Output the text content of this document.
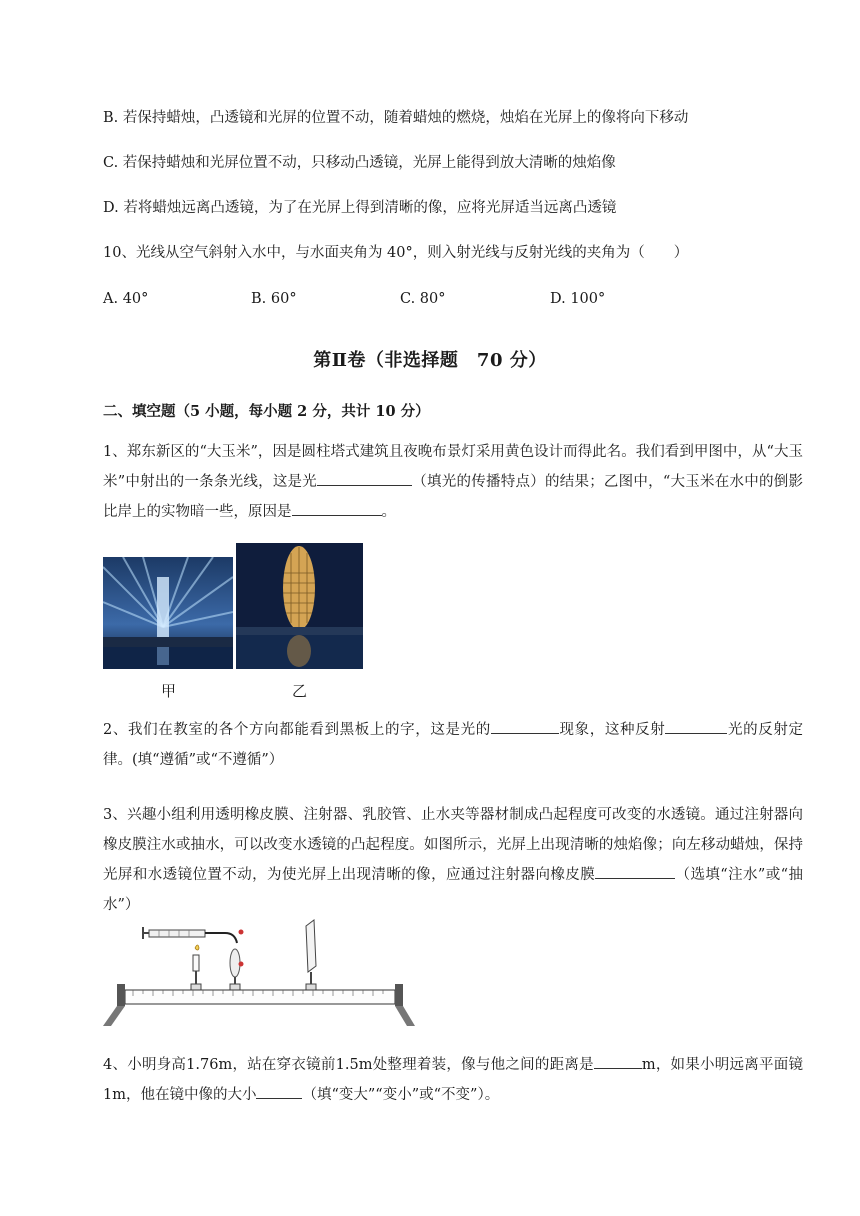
B. 若保持蜡烛，凸透镜和光屏的位置不动，随着蜡烛的燃烧，烛焰在光屏上的像将向下移动
C. 若保持蜡烛和光屏位置不动，只移动凸透镜，光屏上能得到放大清晰的烛焰像
D. 若将蜡烛远离凸透镜，为了在光屏上得到清晰的像，应将光屏适当远离凸透镜
10、光线从空气斜射入水中，与水面夹角为 40°，则入射光线与反射光线的夹角为（　　）
A. 40°	B. 60°	C. 80°	D. 100°
第Ⅱ卷（非选择题　70 分）
二、填空题（5 小题，每小题 2 分，共计 10 分）
1、郑东新区的“大玉米”，因是圆柱塔式建筑且夜晚布景灯采用黄色设计而得此名。我们看到甲图中，从“大玉米”中射出的一条条光线，这是光	（填光的传播特点）的结果；乙图中，“大玉米在水中的倒影比岸上的实物暗一些，原因是	。
甲	乙
2、我们在教室的各个方向都能看到黑板上的字，这是光的	现象，这种反射	光的反射定律。(填“遵循”或“不遵循”）
3、兴趣小组利用透明橡皮膜、注射器、乳胶管、止水夹等器材制成凸起程度可改变的水透镜。通过注射器向橡皮膜注水或抽水，可以改变水透镜的凸起程度。如图所示，光屏上出现清晰的烛焰像；向左移动蜡烛，保持光屏和水透镜位置不动，为使光屏上出现清晰的像，应通过注射器向橡皮膜	（选填“注水”或“抽水”）
4、小明身高1.76m，站在穿衣镜前1.5m处整理着装，像与他之间的距离是	m，如果小明远离平面镜1m，他在镜中像的大小	（填“变大”“变小”或“不变”）。
